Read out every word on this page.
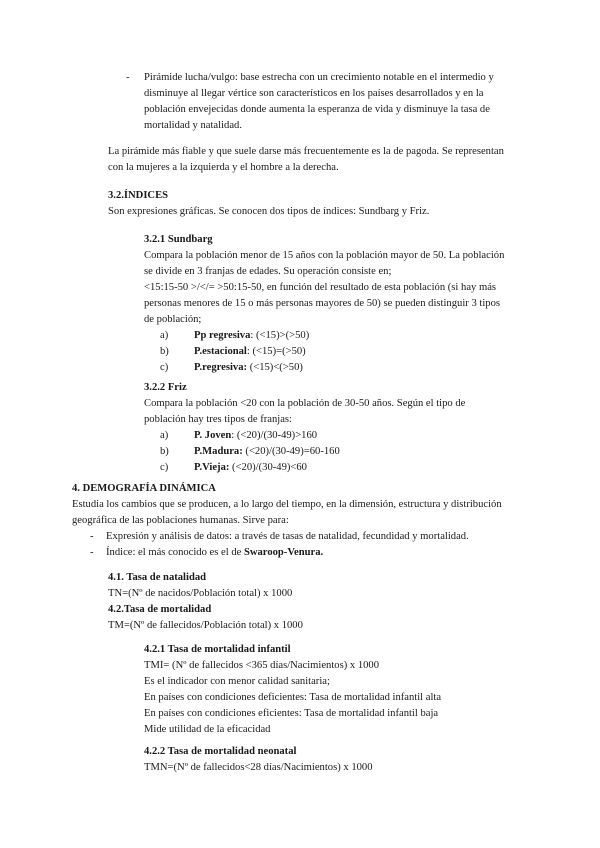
- Pirámide lucha/vulgo: base estrecha con un crecimiento notable en el intermedio y
disminuye al llegar vértice son característicos en los países desarrollados y en la
población envejecidas donde aumenta la esperanza de vida y disminuye la tasa de
mortalidad y natalidad.
La pirámide más fiable y que suele darse más frecuentemente es la de pagoda. Se representan
con la mujeres a la izquierda y el hombre a la derecha.
3.2.ÍNDICES
Son expresiones gráficas. Se conocen dos tipos de índices: Sundbarg y Friz.
3.2.1 Sundbarg
Compara la población menor de 15 años con la población mayor de 50. La población
se divide en 3 franjas de edades. Su operación consiste en;
<15:15-50 >/</= >50:15-50, en función del resultado de esta población (si hay más
personas menores de 15 o más personas mayores de 50) se pueden distinguir 3 tipos
de población;
a) Pp regresiva: (<15)>(>50)
b) P.estacional: (<15)=(>50)
c) P.regresiva: (<15)<(>50)
3.2.2 Friz
Compara la población <20 con la población de 30-50 años. Según el tipo de
población hay tres tipos de franjas:
a) P. Joven: (<20)/(30-49)>160
b) P.Madura: (<20)/(30-49)=60-160
c) P.Vieja: (<20)/(30-49)<60
4. DEMOGRAFÍA DINÁMICA
Estudia los cambios que se producen, a lo largo del tiempo, en la dimensión, estructura y distribución
geográfica de las poblaciones humanas. Sirve para:
- Expresión y análisis de datos: a través de tasas de natalidad, fecundidad y mortalidad.
- Índice: el más conocido es el de Swaroop-Venura.
4.1. Tasa de natalidad
TN=(Nº de nacidos/Población total) x 1000
4.2.Tasa de mortalidad
TM=(Nº de fallecidos/Población total) x 1000
4.2.1 Tasa de mortalidad infantil
TMI= (Nº de fallecidos <365 días/Nacimientos) x 1000
Es el indicador con menor calidad sanitaria;
En países con condiciones deficientes: Tasa de mortalidad infantil alta
En países con condiciones eficientes: Tasa de mortalidad infantil baja
Mide utilidad de la eficacidad
4.2.2 Tasa de mortalidad neonatal
TMN=(Nº de fallecidos<28 días/Nacimientos) x 1000
